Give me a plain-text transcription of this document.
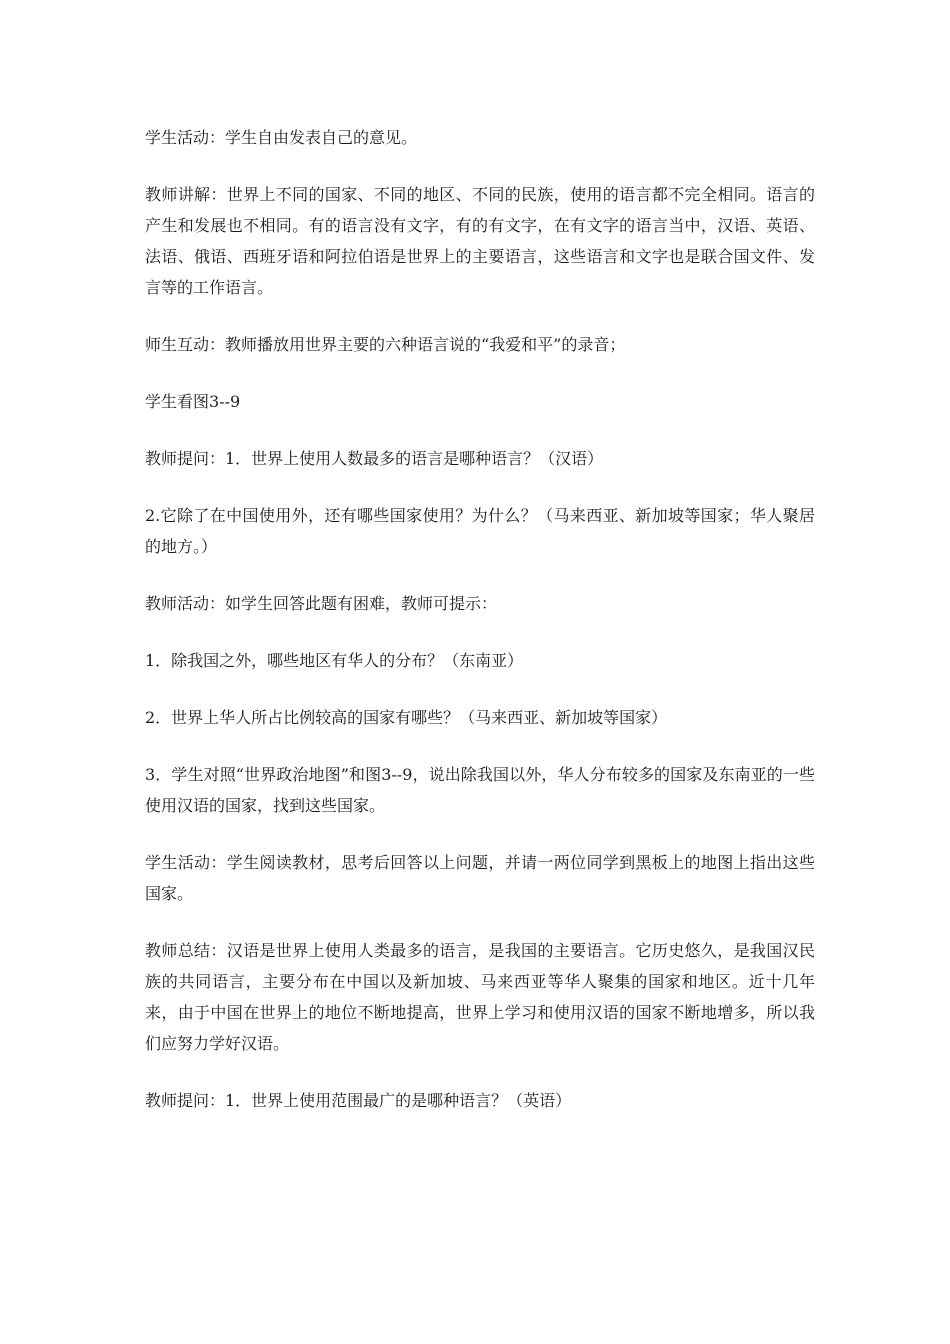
学生活动：学生自由发表自己的意见。

教师讲解：世界上不同的国家、不同的地区、不同的民族，使用的语言都不完全相同。语言的产生和发展也不相同。有的语言没有文字，有的有文字，在有文字的语言当中，汉语、英语、法语、俄语、西班牙语和阿拉伯语是世界上的主要语言，这些语言和文字也是联合国文件、发言等的工作语言。

师生互动：教师播放用世界主要的六种语言说的“我爱和平”的录音；

学生看图3--9

教师提问：1．世界上使用人数最多的语言是哪种语言？（汉语）

2.它除了在中国使用外，还有哪些国家使用？为什么？（马来西亚、新加坡等国家；华人聚居的地方。）

教师活动：如学生回答此题有困难，教师可提示：

1．除我国之外，哪些地区有华人的分布？（东南亚）

2．世界上华人所占比例较高的国家有哪些？（马来西亚、新加坡等国家）

3．学生对照“世界政治地图”和图3--9，说出除我国以外，华人分布较多的国家及东南亚的一些使用汉语的国家，找到这些国家。

学生活动：学生阅读教材，思考后回答以上问题，并请一两位同学到黑板上的地图上指出这些国家。

教师总结：汉语是世界上使用人类最多的语言，是我国的主要语言。它历史悠久，是我国汉民族的共同语言，主要分布在中国以及新加坡、马来西亚等华人聚集的国家和地区。近十几年来，由于中国在世界上的地位不断地提高，世界上学习和使用汉语的国家不断地增多，所以我们应努力学好汉语。

教师提问：1．世界上使用范围最广的是哪种语言？（英语）
